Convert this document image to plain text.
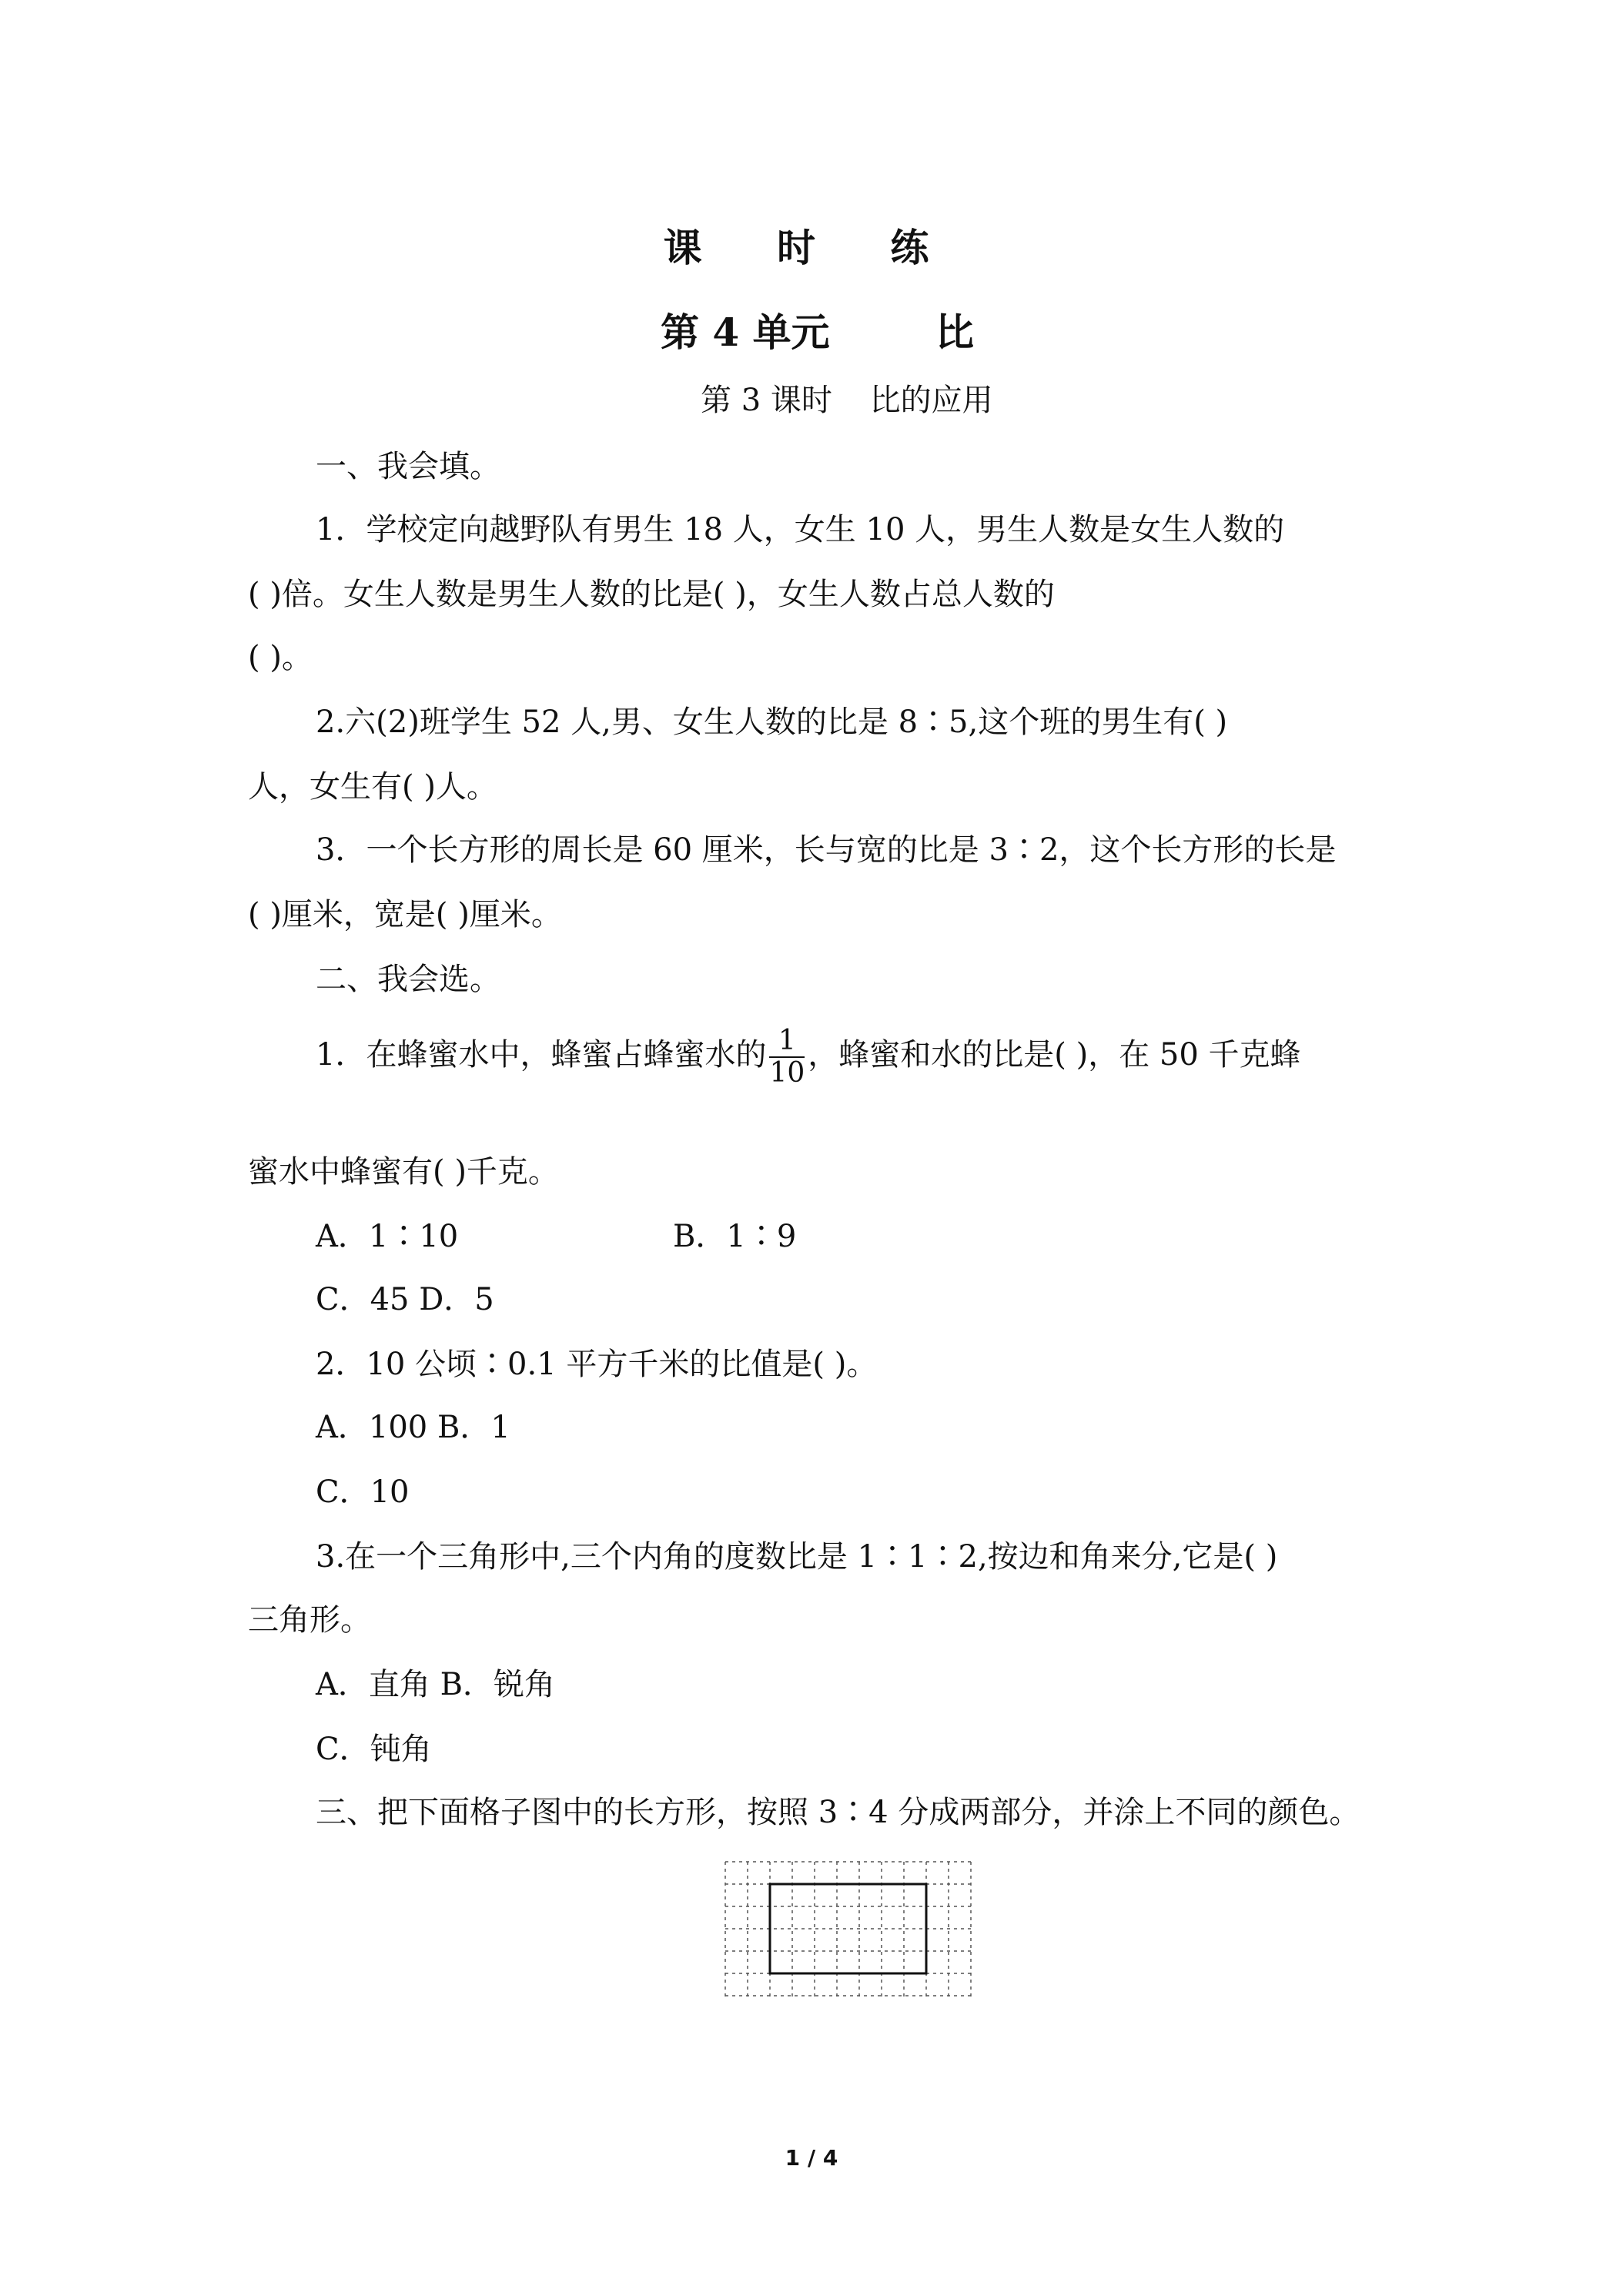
课 时 练
第 4 单元	比
第 3 课时 比的应用
一、我会填。
1．学校定向越野队有男生 18 人，女生 10 人，男生人数是女生人数的
( )倍。女生人数是男生人数的比是( )，女生人数占总人数的
( )。
2.六(2)班学生 52 人,男、女生人数的比是 8∶5,这个班的男生有( )
人，女生有( )人。
3．一个长方形的周长是 60 厘米，长与宽的比是 3∶2，这个长方形的长是
( )厘米，宽是( )厘米。
二、我会选。
1．在蜂蜜水中，蜂蜜占蜂蜜水的 $\frac{1}{10}$ ，蜂蜜和水的比是( )，在 50 千克蜂
蜜水中蜂蜜有( )千克。
A．1∶10	B．1∶9
C．45 D．5
2．10 公顷∶0.1 平方千米的比值是( )。
A．100 B．1
C．10
3.在一个三角形中,三个内角的度数比是 1∶1∶2,按边和角来分,它是( )
三角形。
A．直角 B．锐角
C．钝角
三、把下面格子图中的长方形，按照 3∶4 分成两部分，并涂上不同的颜色。
1 / 4
